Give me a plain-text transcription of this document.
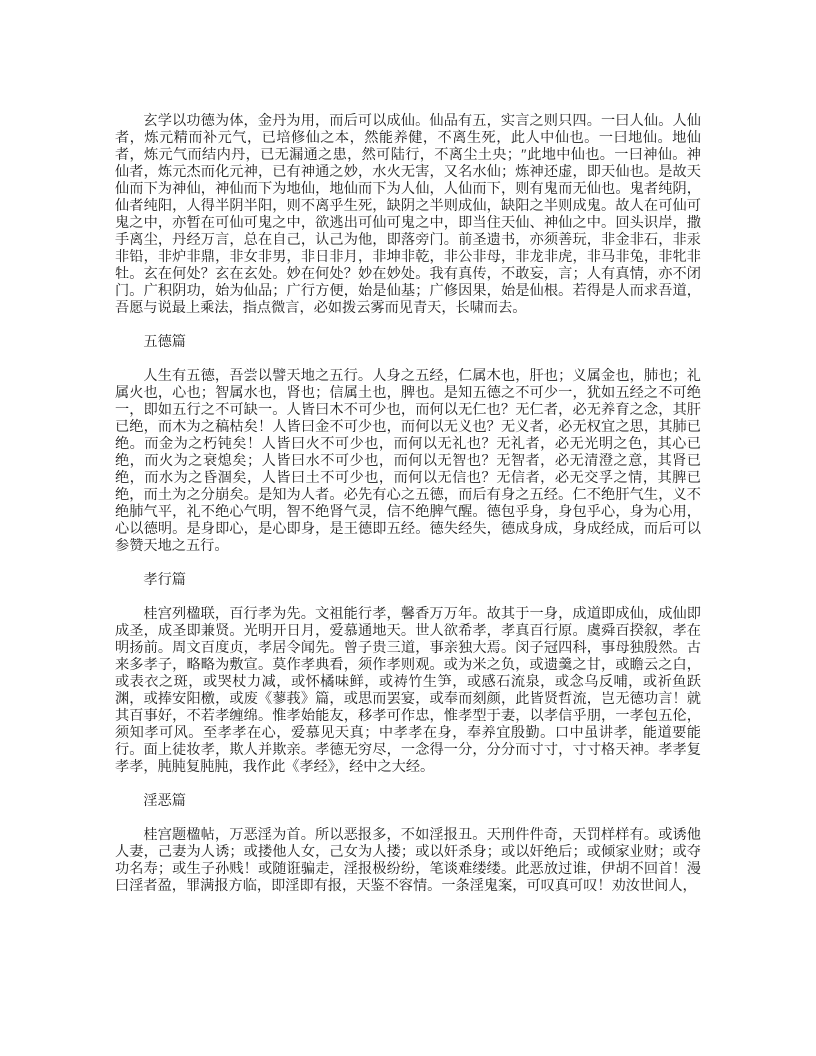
玄学以功德为体，金丹为用，而后可以成仙。仙品有五，实言之则只四。一曰人仙。人仙者，炼元精而补元气，已培修仙之本，然能养健，不离生死，此人中仙也。一曰地仙。地仙者，炼元气而结内丹，已无漏通之患，然可陆行，不离尘土央；″此地中仙也。一曰神仙。神仙者，炼元杰而化元神，已有神通之妙，水火无害，又名水仙；炼神还虚，即天仙也。是故天仙而下为神仙，神仙而下为地仙，地仙而下为人仙，人仙而下，则有鬼而无仙也。鬼者纯阴，仙者纯阳，人得半阴半阳，则不离乎生死，缺阴之半则成仙，缺阳之半则成鬼。故人在可仙可鬼之中，亦暂在可仙可鬼之中，欲逃出可仙可鬼之中，即当住天仙、神仙之中。回头识岸，撒手离尘，丹经万言，总在自己，认己为他，即落旁门。前圣遗书，亦须善玩，非金非石，非汞非铅，非炉非鼎，非女非男，非日非月，非坤非乾，非公非母，非龙非虎，非马非兔，非牝非牡。玄在何处？玄在玄处。妙在何处？妙在妙处。我有真传，不敢妄，言；人有真情，亦不闭门。广积阴功，始为仙品；广行方便，始是仙基；广修因果，始是仙根。若得是人而求吾道，吾愿与说最上乘法，指点微言，必如拨云雾而见青天，长啸而去。

五德篇

人生有五德，吾尝以譬天地之五行。人身之五经，仁属木也，肝也；义属金也，肺也；礼属火也，心也；智属水也，肾也；信属土也，脾也。是知五德之不可少一，犹如五经之不可绝一，即如五行之不可缺一。人皆曰木不可少也，而何以无仁也？无仁者，必无养育之念，其肝已绝，而木为之稿枯矣！人皆曰金不可少也，而何以无义也？无义者，必无权宜之思，其肺已绝。而金为之朽钝矣！人皆曰火不可少也，而何以无礼也？无礼者，必无光明之色，其心已绝，而火为之衰熄矣；人皆曰水不可少也，而何以无智也？无智者，必无清澄之意，其肾已绝，而水为之昏涸矣，人皆曰土不可少也，而何以无信也？无信者，必无交孚之情，其脾已绝，而土为之分崩矣。是知为人者。必先有心之五德，而后有身之五经。仁不绝肝气生，义不绝肺气平，礼不绝心气明，智不绝肾气灵，信不绝脾气醒。德包乎身，身包乎心，身为心用，心以德明。是身即心，是心即身，是王德即五经。德失经失，德成身成，身成经成，而后可以参赞天地之五行。

孝行篇

桂宫列楹联，百行孝为先。文祖能行孝，馨香万万年。故其于一身，成道即成仙，成仙即成圣，成圣即兼贤。光明开日月，爱慕通地天。世人欲希孝，孝真百行原。虞舜百揆叙，孝在明扬前。周文百度贞，孝居令闻先。曾子贵三道，事亲独大焉。闵子冠四科，事母独殷然。古来多孝子，略略为敷宣。莫作孝典看，须作孝则观。或为米之负，或遗羹之甘，或瞻云之白，或表衣之斑，或哭杖力减，或怀橘味鲜，或祷竹生笋，或感石流泉，或念乌反哺，或祈鱼跃渊，或捧安阳檄，或废《蓼莪》篇，或思而罢宴，或奉而刻颜，此皆贤哲流，岂无德功言！就其百事好，不若孝缠绵。惟孝始能友，移孝可作忠，惟孝型于妻，以孝信乎朋，一孝包五伦，须知孝可风。至孝孝在心，爱慕见天真；中孝孝在身，奉养宜殷勤。口中虽讲孝，能道要能行。面上徒妆孝，欺人并欺亲。孝德无穷尽，一念得一分，分分而寸寸，寸寸格天神。孝孝复孝孝，肫肫复肫肫，我作此《孝经》，经中之大经。

淫恶篇

桂宫题楹帖，万恶淫为首。所以恶报多，不如淫报丑。天刑件件奇，天罚样样有。或诱他人妻，己妻为人诱；或搂他人女，己女为人搂；或以奸杀身；或以奸绝后；或倾家业财；或夺功名寿；或生子孙贱！或随诳骗走，淫报极纷纷，笔谈难缕缕。此恶放过谁，伊胡不回首！漫曰淫者盈，罪满报方临，即淫即有报，天鉴不容情。一条淫鬼案，可叹真可叹！劝汝世间人，
